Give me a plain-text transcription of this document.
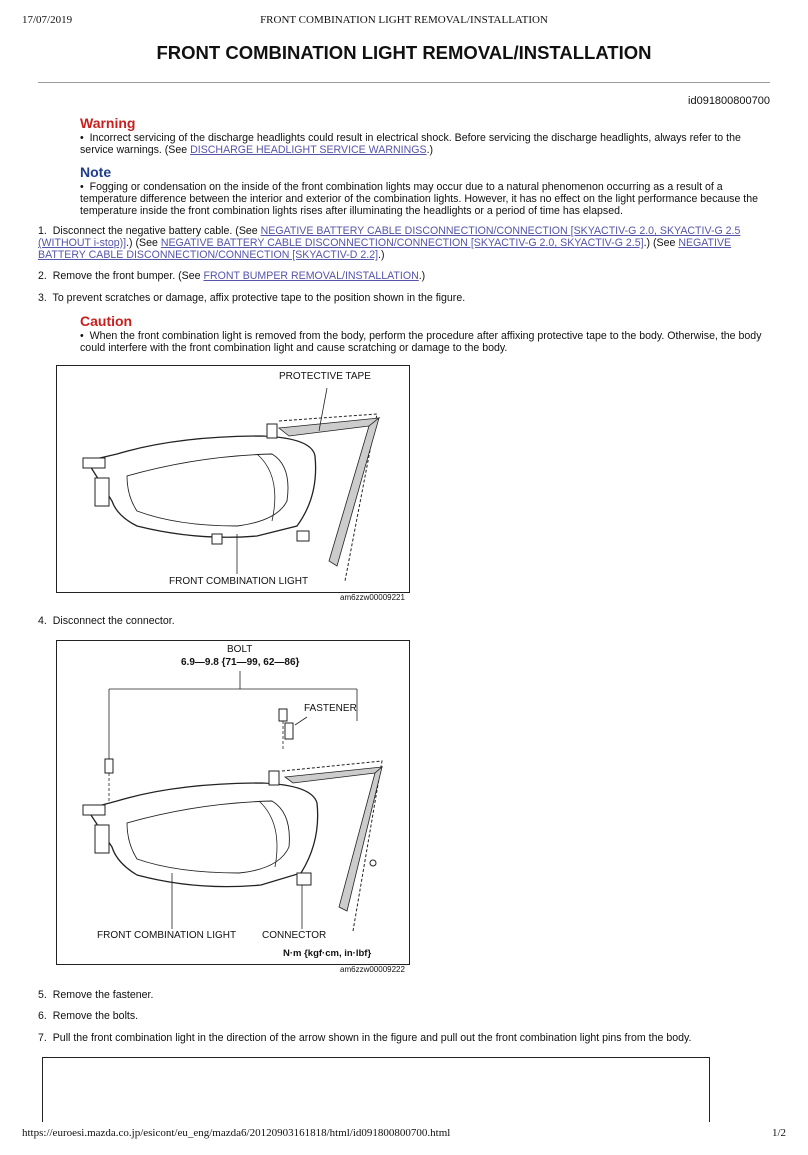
17/07/2019	FRONT COMBINATION LIGHT REMOVAL/INSTALLATION
FRONT COMBINATION LIGHT REMOVAL/INSTALLATION
id091800800700
Warning
•  Incorrect servicing of the discharge headlights could result in electrical shock. Before servicing the discharge headlights, always refer to the service warnings. (See DISCHARGE HEADLIGHT SERVICE WARNINGS.)
Note
•  Fogging or condensation on the inside of the front combination lights may occur due to a natural phenomenon occurring as a result of a temperature difference between the interior and exterior of the combination lights. However, it has no effect on the light performance because the temperature inside the front combination lights rises after illuminating the headlights or a period of time has elapsed.
1. Disconnect the negative battery cable. (See NEGATIVE BATTERY CABLE DISCONNECTION/CONNECTION [SKYACTIV-G 2.0, SKYACTIV-G 2.5 (WITHOUT i-stop)].) (See NEGATIVE BATTERY CABLE DISCONNECTION/CONNECTION [SKYACTIV-G 2.0, SKYACTIV-G 2.5].) (See NEGATIVE BATTERY CABLE DISCONNECTION/CONNECTION [SKYACTIV-D 2.2].)
2. Remove the front bumper. (See FRONT BUMPER REMOVAL/INSTALLATION.)
3. To prevent scratches or damage, affix protective tape to the position shown in the figure.
Caution
•  When the front combination light is removed from the body, perform the procedure after affixing protective tape to the body. Otherwise, the body could interfere with the front combination light and cause scratching or damage to the body.
PROTECTIVE TAPE
FRONT COMBINATION LIGHT
am6zzw00009221
4. Disconnect the connector.
BOLT
6.9—9.8 {71—99, 62—86}
FASTENER
FRONT COMBINATION LIGHT	CONNECTOR
N·m {kgf·cm, in·lbf}
am6zzw00009222
5. Remove the fastener.
6. Remove the bolts.
7. Pull the front combination light in the direction of the arrow shown in the figure and pull out the front combination light pins from the body.
https://euroesi.mazda.co.jp/esicont/eu_eng/mazda6/20120903161818/html/id091800800700.html	1/2
